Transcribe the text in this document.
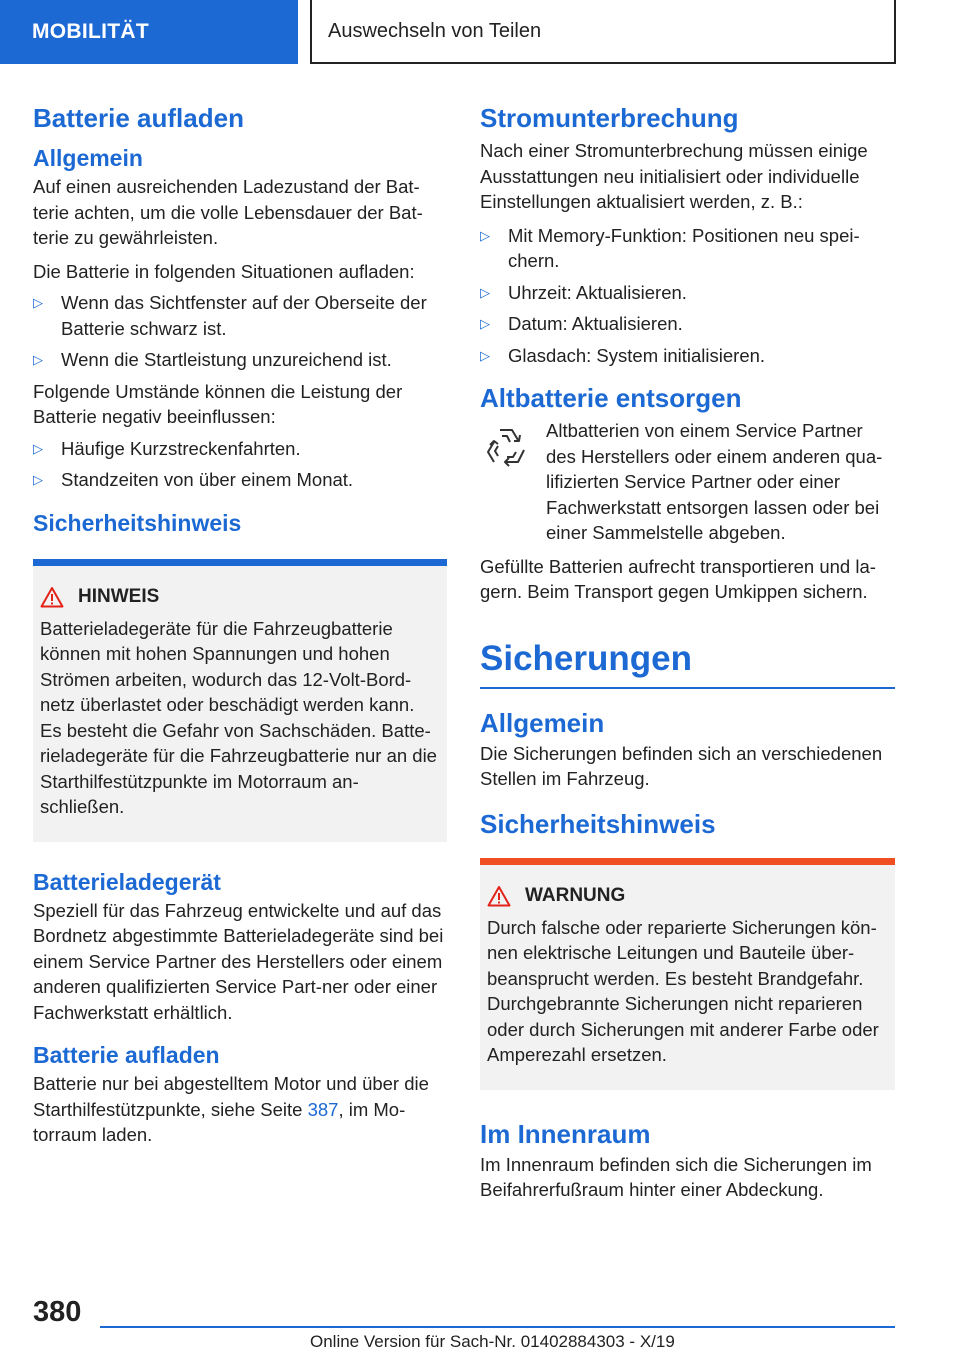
MOBILITÄT	Auswechseln von Teilen
Batterie aufladen
Allgemein

Auf einen ausreichenden Ladezustand der Bat-terie achten, um die volle Lebensdauer der Bat-terie zu gewährleisten.

Die Batterie in folgenden Situationen aufladen:

▷ Wenn das Sichtfenster auf der Oberseite der Batterie schwarz ist.
▷ Wenn die Startleistung unzureichend ist.

Folgende Umstände können die Leistung der Batterie negativ beeinflussen:

▷ Häufige Kurzstreckenfahrten.
▷ Standzeiten von über einem Monat.
Sicherheitshinweis
HINWEIS

Batterieladegeräte für die Fahrzeugbatterie können mit hohen Spannungen und hohen Strömen arbeiten, wodurch das 12-Volt-Bord-netz überlastet oder beschädigt werden kann. Es besteht die Gefahr von Sachschäden. Batte-rieladegeräte für die Fahrzeugbatterie nur an die Starthilfestützpunkte im Motorraum an-schließen.

Batterieladegerät

Speziell für das Fahrzeug entwickelte und auf das Bordnetz abgestimmte Batterieladegeräte sind bei einem Service Partner des Herstellers oder einem anderen qualifizierten Service Part-ner oder einer Fachwerkstatt erhältlich.

Batterie aufladen

Batterie nur bei abgestelltem Motor und über die Starthilfestützpunkte, siehe Seite 387, im Mo-torraum laden.

Stromunterbrechung

Nach einer Stromunterbrechung müssen einige Ausstattungen neu initialisiert oder individuelle Einstellungen aktualisiert werden, z. B.:

▷ Mit Memory-Funktion: Positionen neu spei-chern.
▷ Uhrzeit: Aktualisieren.
▷ Datum: Aktualisieren.
▷ Glasdach: System initialisieren.
Altbatterie entsorgen

Altbatterien von einem Service Partner des Herstellers oder einem anderen qua-lifizierten Service Partner oder einer Fachwerkstatt entsorgen lassen oder bei einer Sammelstelle abgeben.

Gefüllte Batterien aufrecht transportieren und la-gern. Beim Transport gegen Umkippen sichern.

Sicherungen
Allgemein

Die Sicherungen befinden sich an verschiedenen Stellen im Fahrzeug.

Sicherheitshinweis
WARNUNG

Durch falsche oder reparierte Sicherungen kön-nen elektrische Leitungen und Bauteile über-beansprucht werden. Es besteht Brandgefahr. Durchgebrannte Sicherungen nicht reparieren oder durch Sicherungen mit anderer Farbe oder Amperezahl ersetzen.

Im Innenraum

Im Innenraum befinden sich die Sicherungen im Beifahrerfußraum hinter einer Abdeckung.

380
Online Version für Sach-Nr. 01402884303 - X/19
